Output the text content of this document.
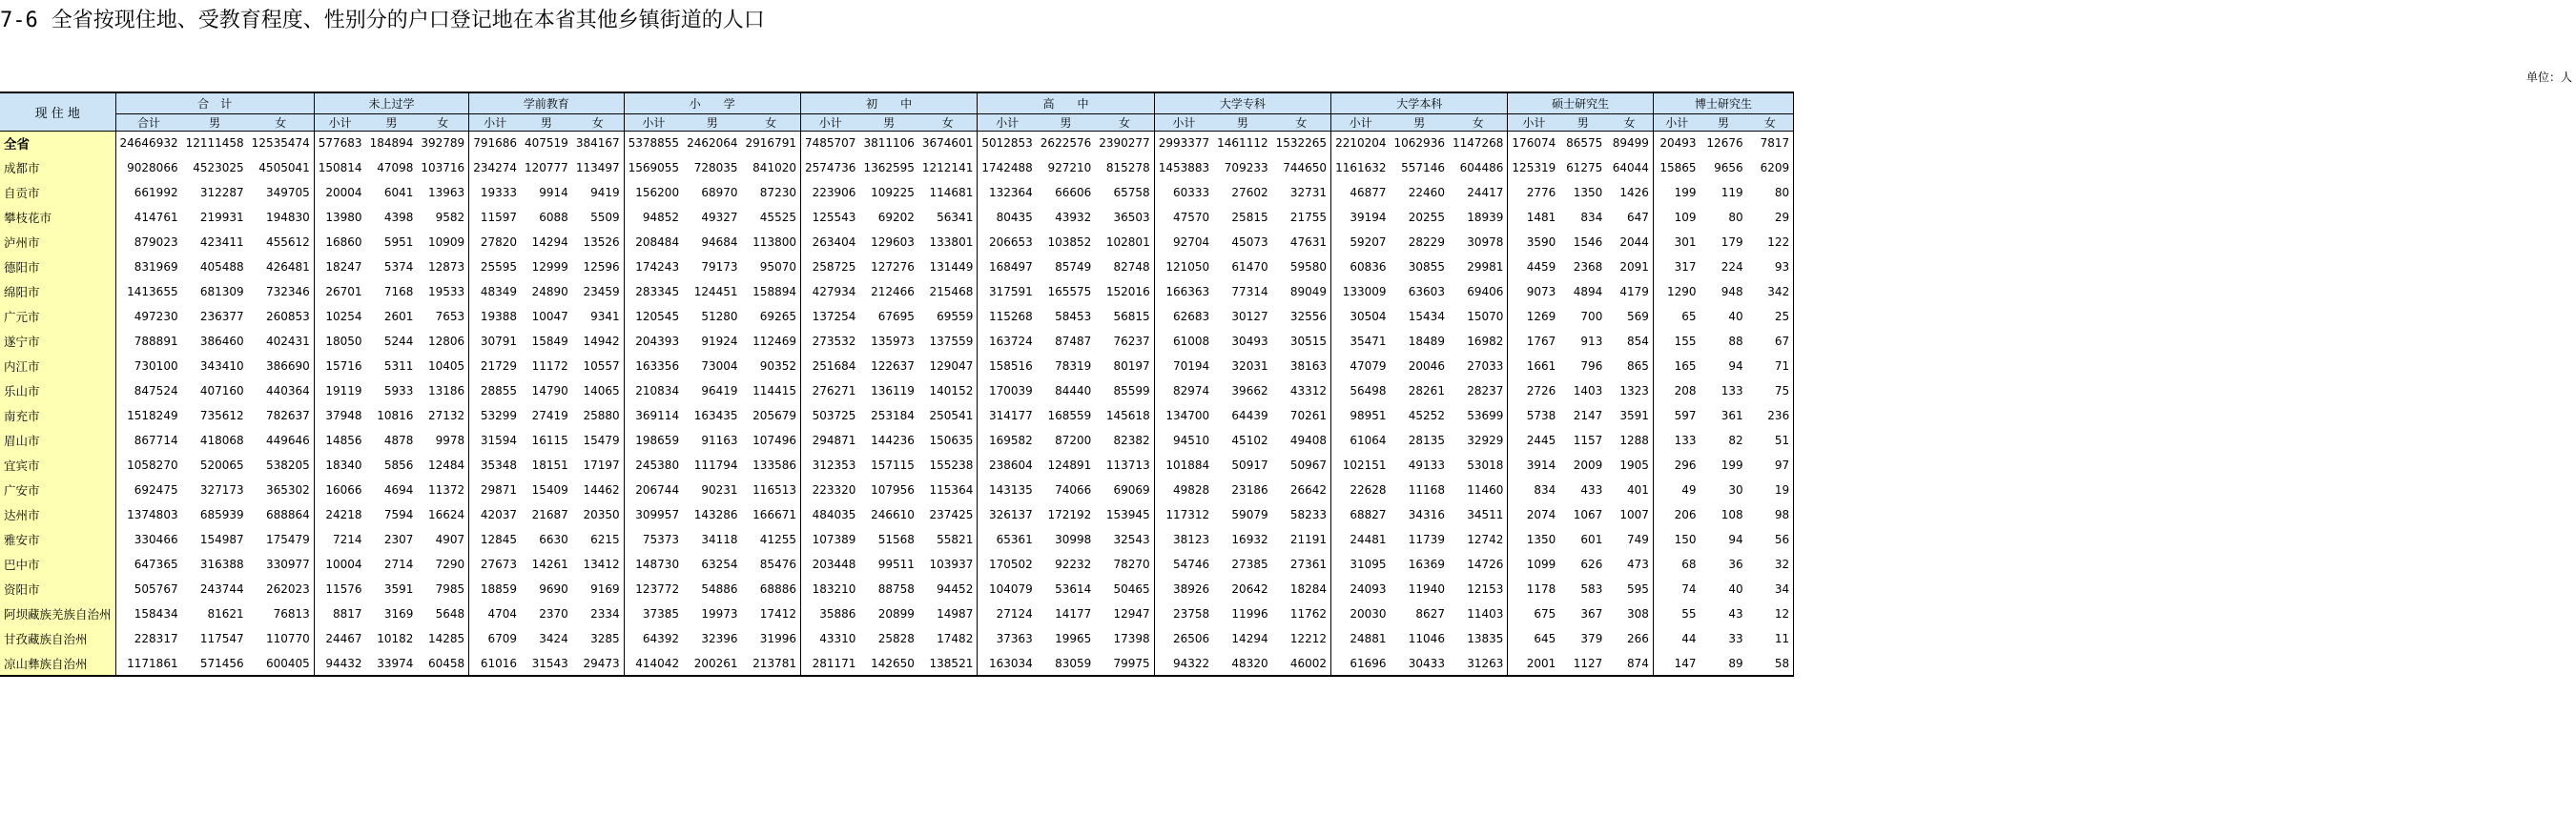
7-6 全省按现住地、受教育程度、性别分的户口登记地在本省其他乡镇街道的人口
单位：人
现 住 地	合　计			未上过学			学前教育			小　　学			初　　中			高　　中			大学专科			大学本科			硕士研究生			博士研究生		
	合计	男	女	小计	男	女	小计	男	女	小计	男	女	小计	男	女	小计	男	女	小计	男	女	小计	男	女	小计	男	女	小计	男	女
全省	24646932	12111458	12535474	577683	184894	392789	791686	407519	384167	5378855	2462064	2916791	7485707	3811106	3674601	5012853	2622576	2390277	2993377	1461112	1532265	2210204	1062936	1147268	176074	86575	89499	20493	12676	7817
成都市	9028066	4523025	4505041	150814	47098	103716	234274	120777	113497	1569055	728035	841020	2574736	1362595	1212141	1742488	927210	815278	1453883	709233	744650	1161632	557146	604486	125319	61275	64044	15865	9656	6209
自贡市	661992	312287	349705	20004	6041	13963	19333	9914	9419	156200	68970	87230	223906	109225	114681	132364	66606	65758	60333	27602	32731	46877	22460	24417	2776	1350	1426	199	119	80
攀枝花市	414761	219931	194830	13980	4398	9582	11597	6088	5509	94852	49327	45525	125543	69202	56341	80435	43932	36503	47570	25815	21755	39194	20255	18939	1481	834	647	109	80	29
泸州市	879023	423411	455612	16860	5951	10909	27820	14294	13526	208484	94684	113800	263404	129603	133801	206653	103852	102801	92704	45073	47631	59207	28229	30978	3590	1546	2044	301	179	122
德阳市	831969	405488	426481	18247	5374	12873	25595	12999	12596	174243	79173	95070	258725	127276	131449	168497	85749	82748	121050	61470	59580	60836	30855	29981	4459	2368	2091	317	224	93
绵阳市	1413655	681309	732346	26701	7168	19533	48349	24890	23459	283345	124451	158894	427934	212466	215468	317591	165575	152016	166363	77314	89049	133009	63603	69406	9073	4894	4179	1290	948	342
广元市	497230	236377	260853	10254	2601	7653	19388	10047	9341	120545	51280	69265	137254	67695	69559	115268	58453	56815	62683	30127	32556	30504	15434	15070	1269	700	569	65	40	25
遂宁市	788891	386460	402431	18050	5244	12806	30791	15849	14942	204393	91924	112469	273532	135973	137559	163724	87487	76237	61008	30493	30515	35471	18489	16982	1767	913	854	155	88	67
内江市	730100	343410	386690	15716	5311	10405	21729	11172	10557	163356	73004	90352	251684	122637	129047	158516	78319	80197	70194	32031	38163	47079	20046	27033	1661	796	865	165	94	71
乐山市	847524	407160	440364	19119	5933	13186	28855	14790	14065	210834	96419	114415	276271	136119	140152	170039	84440	85599	82974	39662	43312	56498	28261	28237	2726	1403	1323	208	133	75
南充市	1518249	735612	782637	37948	10816	27132	53299	27419	25880	369114	163435	205679	503725	253184	250541	314177	168559	145618	134700	64439	70261	98951	45252	53699	5738	2147	3591	597	361	236
眉山市	867714	418068	449646	14856	4878	9978	31594	16115	15479	198659	91163	107496	294871	144236	150635	169582	87200	82382	94510	45102	49408	61064	28135	32929	2445	1157	1288	133	82	51
宜宾市	1058270	520065	538205	18340	5856	12484	35348	18151	17197	245380	111794	133586	312353	157115	155238	238604	124891	113713	101884	50917	50967	102151	49133	53018	3914	2009	1905	296	199	97
广安市	692475	327173	365302	16066	4694	11372	29871	15409	14462	206744	90231	116513	223320	107956	115364	143135	74066	69069	49828	23186	26642	22628	11168	11460	834	433	401	49	30	19
达州市	1374803	685939	688864	24218	7594	16624	42037	21687	20350	309957	143286	166671	484035	246610	237425	326137	172192	153945	117312	59079	58233	68827	34316	34511	2074	1067	1007	206	108	98
雅安市	330466	154987	175479	7214	2307	4907	12845	6630	6215	75373	34118	41255	107389	51568	55821	65361	30998	32543	38123	16932	21191	24481	11739	12742	1350	601	749	150	94	56
巴中市	647365	316388	330977	10004	2714	7290	27673	14261	13412	148730	63254	85476	203448	99511	103937	170502	92232	78270	54746	27385	27361	31095	16369	14726	1099	626	473	68	36	32
资阳市	505767	243744	262023	11576	3591	7985	18859	9690	9169	123772	54886	68886	183210	88758	94452	104079	53614	50465	38926	20642	18284	24093	11940	12153	1178	583	595	74	40	34
阿坝藏族羌族自治州	158434	81621	76813	8817	3169	5648	4704	2370	2334	37385	19973	17412	35886	20899	14987	27124	14177	12947	23758	11996	11762	20030	8627	11403	675	367	308	55	43	12
甘孜藏族自治州	228317	117547	110770	24467	10182	14285	6709	3424	3285	64392	32396	31996	43310	25828	17482	37363	19965	17398	26506	14294	12212	24881	11046	13835	645	379	266	44	33	11
凉山彝族自治州	1171861	571456	600405	94432	33974	60458	61016	31543	29473	414042	200261	213781	281171	142650	138521	163034	83059	79975	94322	48320	46002	61696	30433	31263	2001	1127	874	147	89	58
